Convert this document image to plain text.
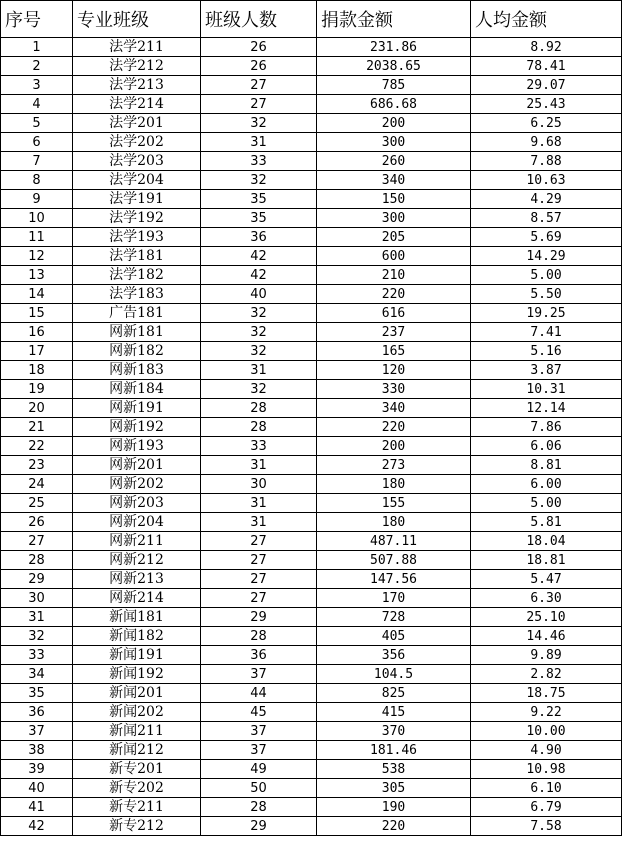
序号	专业班级	班级人数	捐款金额	人均金额
1	法学211	26	231.86	8.92
2	法学212	26	2038.65	78.41
3	法学213	27	785	29.07
4	法学214	27	686.68	25.43
5	法学201	32	200	6.25
6	法学202	31	300	9.68
7	法学203	33	260	7.88
8	法学204	32	340	10.63
9	法学191	35	150	4.29
10	法学192	35	300	8.57
11	法学193	36	205	5.69
12	法学181	42	600	14.29
13	法学182	42	210	5.00
14	法学183	40	220	5.50
15	广告181	32	616	19.25
16	网新181	32	237	7.41
17	网新182	32	165	5.16
18	网新183	31	120	3.87
19	网新184	32	330	10.31
20	网新191	28	340	12.14
21	网新192	28	220	7.86
22	网新193	33	200	6.06
23	网新201	31	273	8.81
24	网新202	30	180	6.00
25	网新203	31	155	5.00
26	网新204	31	180	5.81
27	网新211	27	487.11	18.04
28	网新212	27	507.88	18.81
29	网新213	27	147.56	5.47
30	网新214	27	170	6.30
31	新闻181	29	728	25.10
32	新闻182	28	405	14.46
33	新闻191	36	356	9.89
34	新闻192	37	104.5	2.82
35	新闻201	44	825	18.75
36	新闻202	45	415	9.22
37	新闻211	37	370	10.00
38	新闻212	37	181.46	4.90
39	新专201	49	538	10.98
40	新专202	50	305	6.10
41	新专211	28	190	6.79
42	新专212	29	220	7.58
